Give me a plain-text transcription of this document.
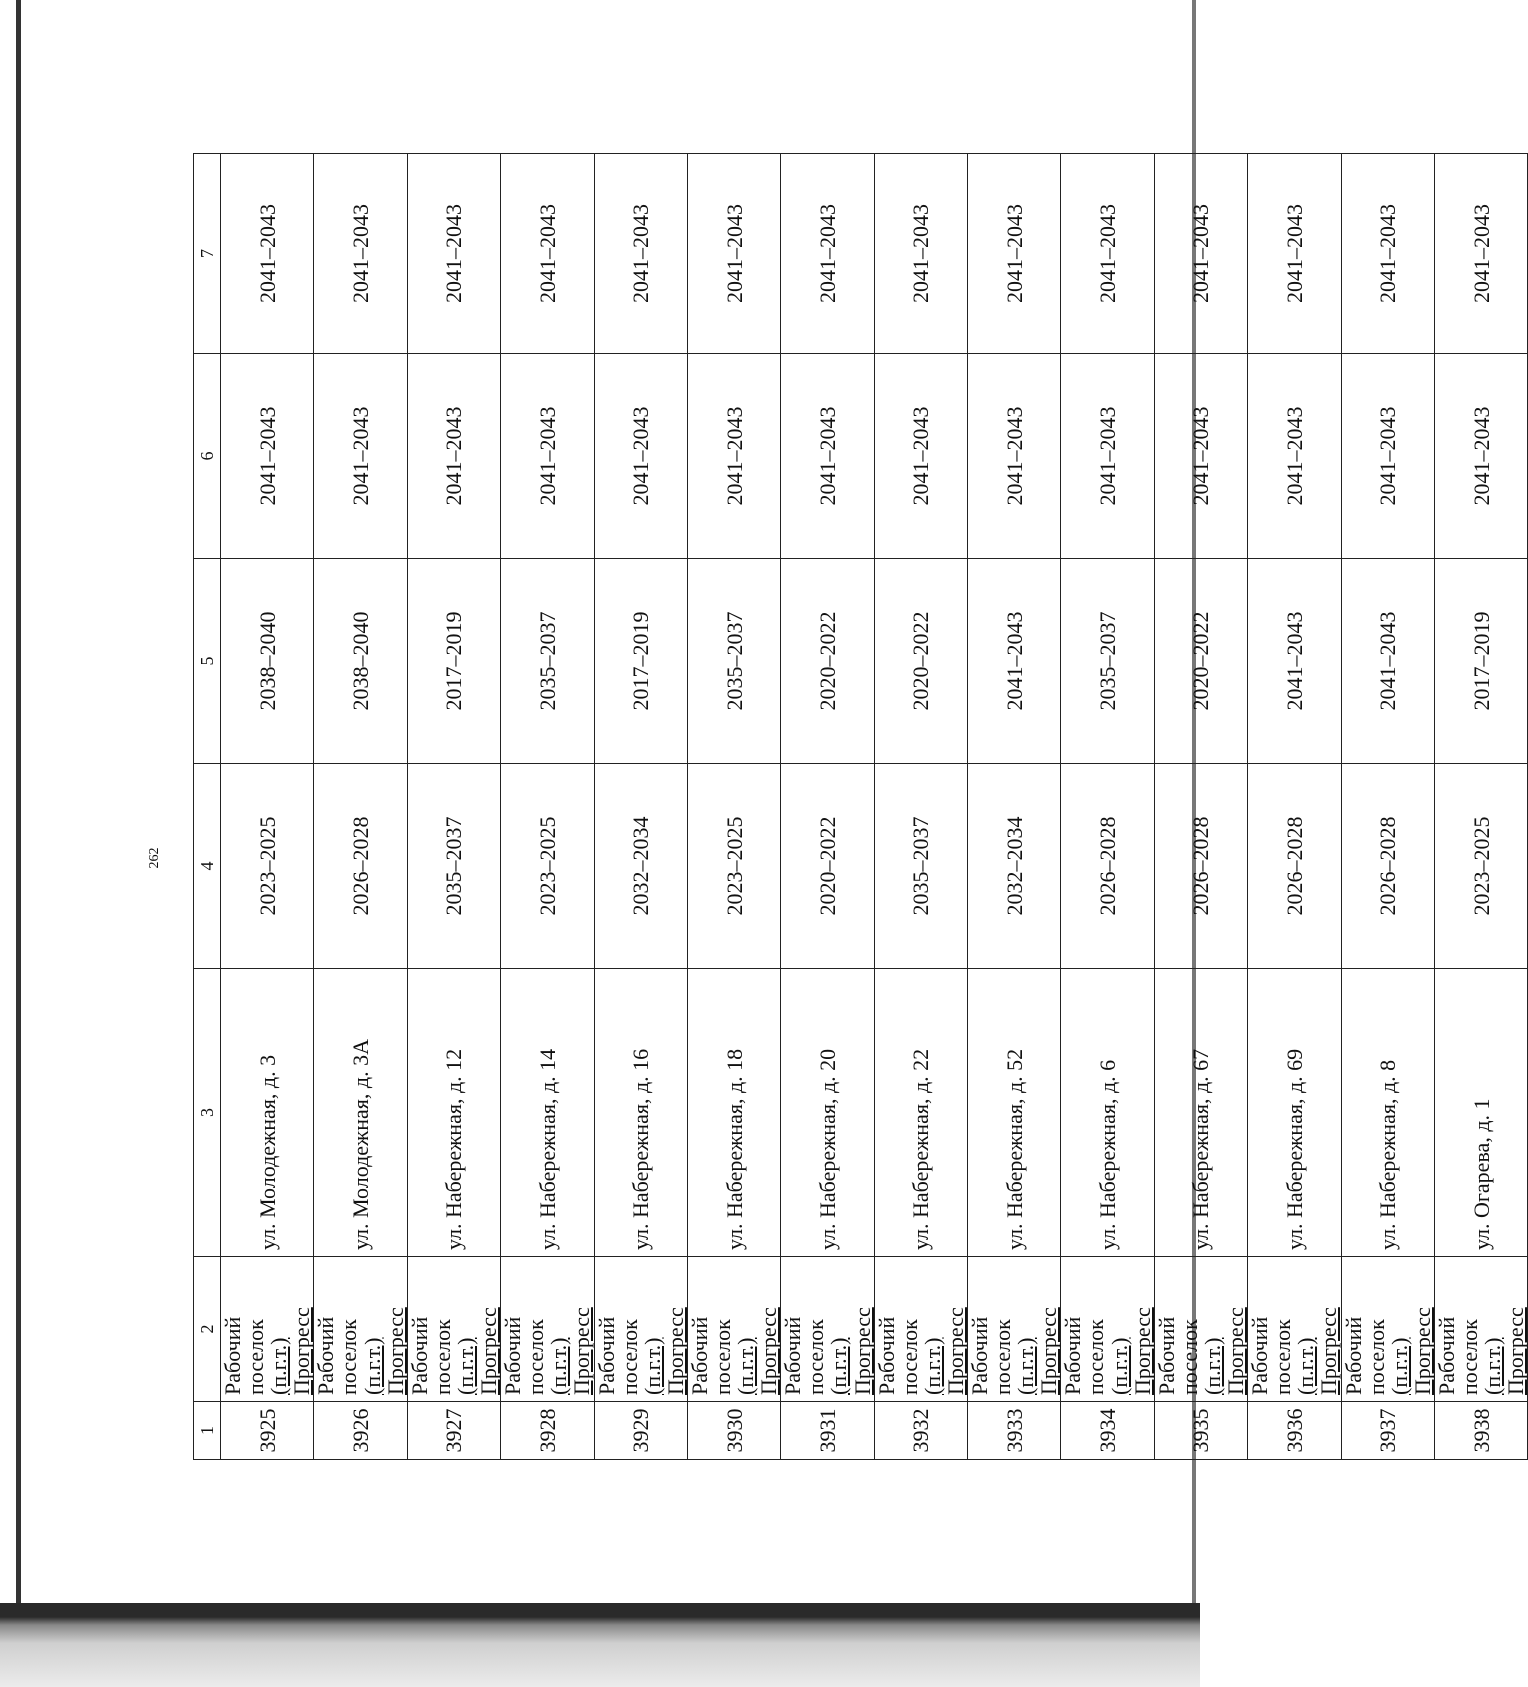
262
1	2	3	4	5	6	7
3925	Рабочий поселок
(п.г.т.) Прогресс	ул. Молодежная, д. 3	2023–2025	2038–2040	2041–2043	2041–2043
3926	Рабочий поселок
(п.г.т.) Прогресс	ул. Молодежная, д. 3А	2026–2028	2038–2040	2041–2043	2041–2043
3927	Рабочий поселок
(п.г.т.) Прогресс	ул. Набережная, д. 12	2035–2037	2017–2019	2041–2043	2041–2043
3928	Рабочий поселок
(п.г.т.) Прогресс	ул. Набережная, д. 14	2023–2025	2035–2037	2041–2043	2041–2043
3929	Рабочий поселок
(п.г.т.) Прогресс	ул. Набережная, д. 16	2032–2034	2017–2019	2041–2043	2041–2043
3930	Рабочий поселок
(п.г.т.) Прогресс	ул. Набережная, д. 18	2023–2025	2035–2037	2041–2043	2041–2043
3931	Рабочий поселок
(п.г.т.) Прогресс	ул. Набережная, д. 20	2020–2022	2020–2022	2041–2043	2041–2043
3932	Рабочий поселок
(п.г.т.) Прогресс	ул. Набережная, д. 22	2035–2037	2020–2022	2041–2043	2041–2043
3933	Рабочий поселок
(п.г.т.) Прогресс	ул. Набережная, д. 52	2032–2034	2041–2043	2041–2043	2041–2043
3934	Рабочий поселок
(п.г.т.) Прогресс	ул. Набережная, д. 6	2026–2028	2035–2037	2041–2043	2041–2043
3935	Рабочий поселок
(п.г.т.) Прогресс	ул. Набережная, д. 67	2026–2028	2020–2022	2041–2043	2041–2043
3936	Рабочий поселок
(п.г.т.) Прогресс	ул. Набережная, д. 69	2026–2028	2041–2043	2041–2043	2041–2043
3937	Рабочий поселок
(п.г.т.) Прогресс	ул. Набережная, д. 8	2026–2028	2041–2043	2041–2043	2041–2043
3938	Рабочий поселок
(п.г.т.) Прогресс	ул. Огарева, д. 1	2023–2025	2017–2019	2041–2043	2041–2043
